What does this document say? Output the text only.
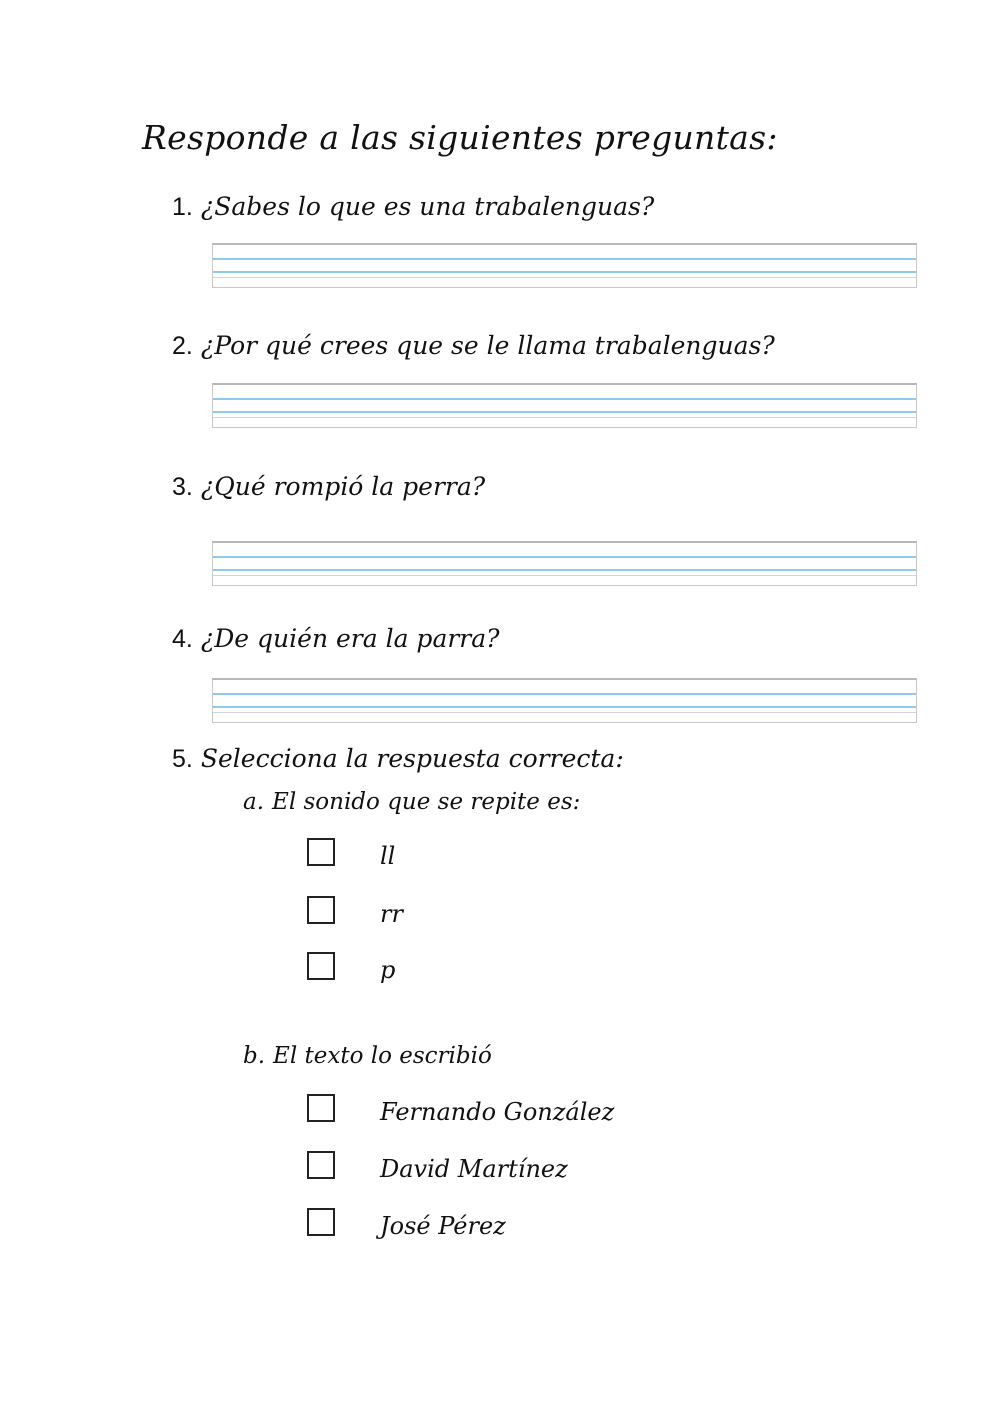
Responde a las siguientes preguntas:
1. ¿Sabes lo que es una trabalenguas?
2. ¿Por qué crees que se le llama trabalenguas?
3. ¿Qué rompió la perra?
4. ¿De quién era la parra?
5. Selecciona la respuesta correcta:
a. El sonido que se repite es:
ll
rr
p
b. El texto lo escribió
Fernando González
David Martínez
José Pérez
